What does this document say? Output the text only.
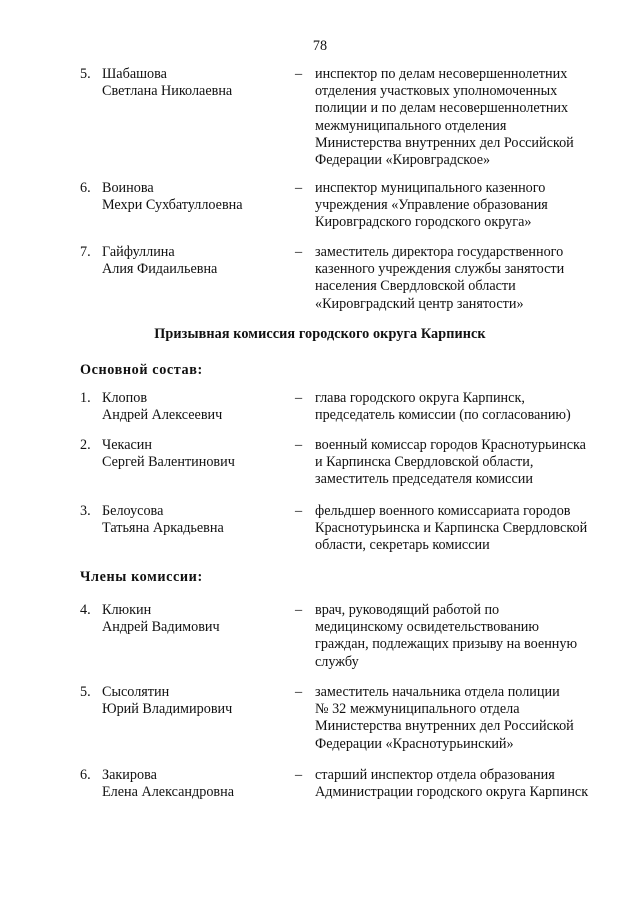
78
5. Шабашова
Светлана Николаевна
– инспектор по делам несовершеннолетних
отделения участковых уполномоченных
полиции и по делам несовершеннолетних
межмуниципального отделения
Министерства внутренних дел Российской
Федерации «Кировградское»
6. Воинова
Мехри Сухбатуллоевна
– инспектор муниципального казенного
учреждения «Управление образования
Кировградского городского округа»
7. Гайфуллина
Алия Фидаильевна
– заместитель директора государственного
казенного учреждения службы занятости
населения Свердловской области
«Кировградский центр занятости»
Призывная комиссия городского округа Карпинск
Основной состав:
1. Клопов
Андрей Алексеевич
– глава городского округа Карпинск,
председатель комиссии (по согласованию)
2. Чекасин
Сергей Валентинович
– военный комиссар городов Краснотурьинска
и Карпинска Свердловской области,
заместитель председателя комиссии
3. Белоусова
Татьяна Аркадьевна
– фельдшер военного комиссариата городов
Краснотурьинска и Карпинска Свердловской
области, секретарь комиссии
Члены комиссии:
4. Клюкин
Андрей Вадимович
– врач, руководящий работой по
медицинскому освидетельствованию
граждан, подлежащих призыву на военную
службу
5. Сысолятин
Юрий Владимирович
– заместитель начальника отдела полиции
№ 32 межмуниципального отдела
Министерства внутренних дел Российской
Федерации «Краснотурьинский»
6. Закирова
Елена Александровна
– старший инспектор отдела образования
Администрации городского округа Карпинск
